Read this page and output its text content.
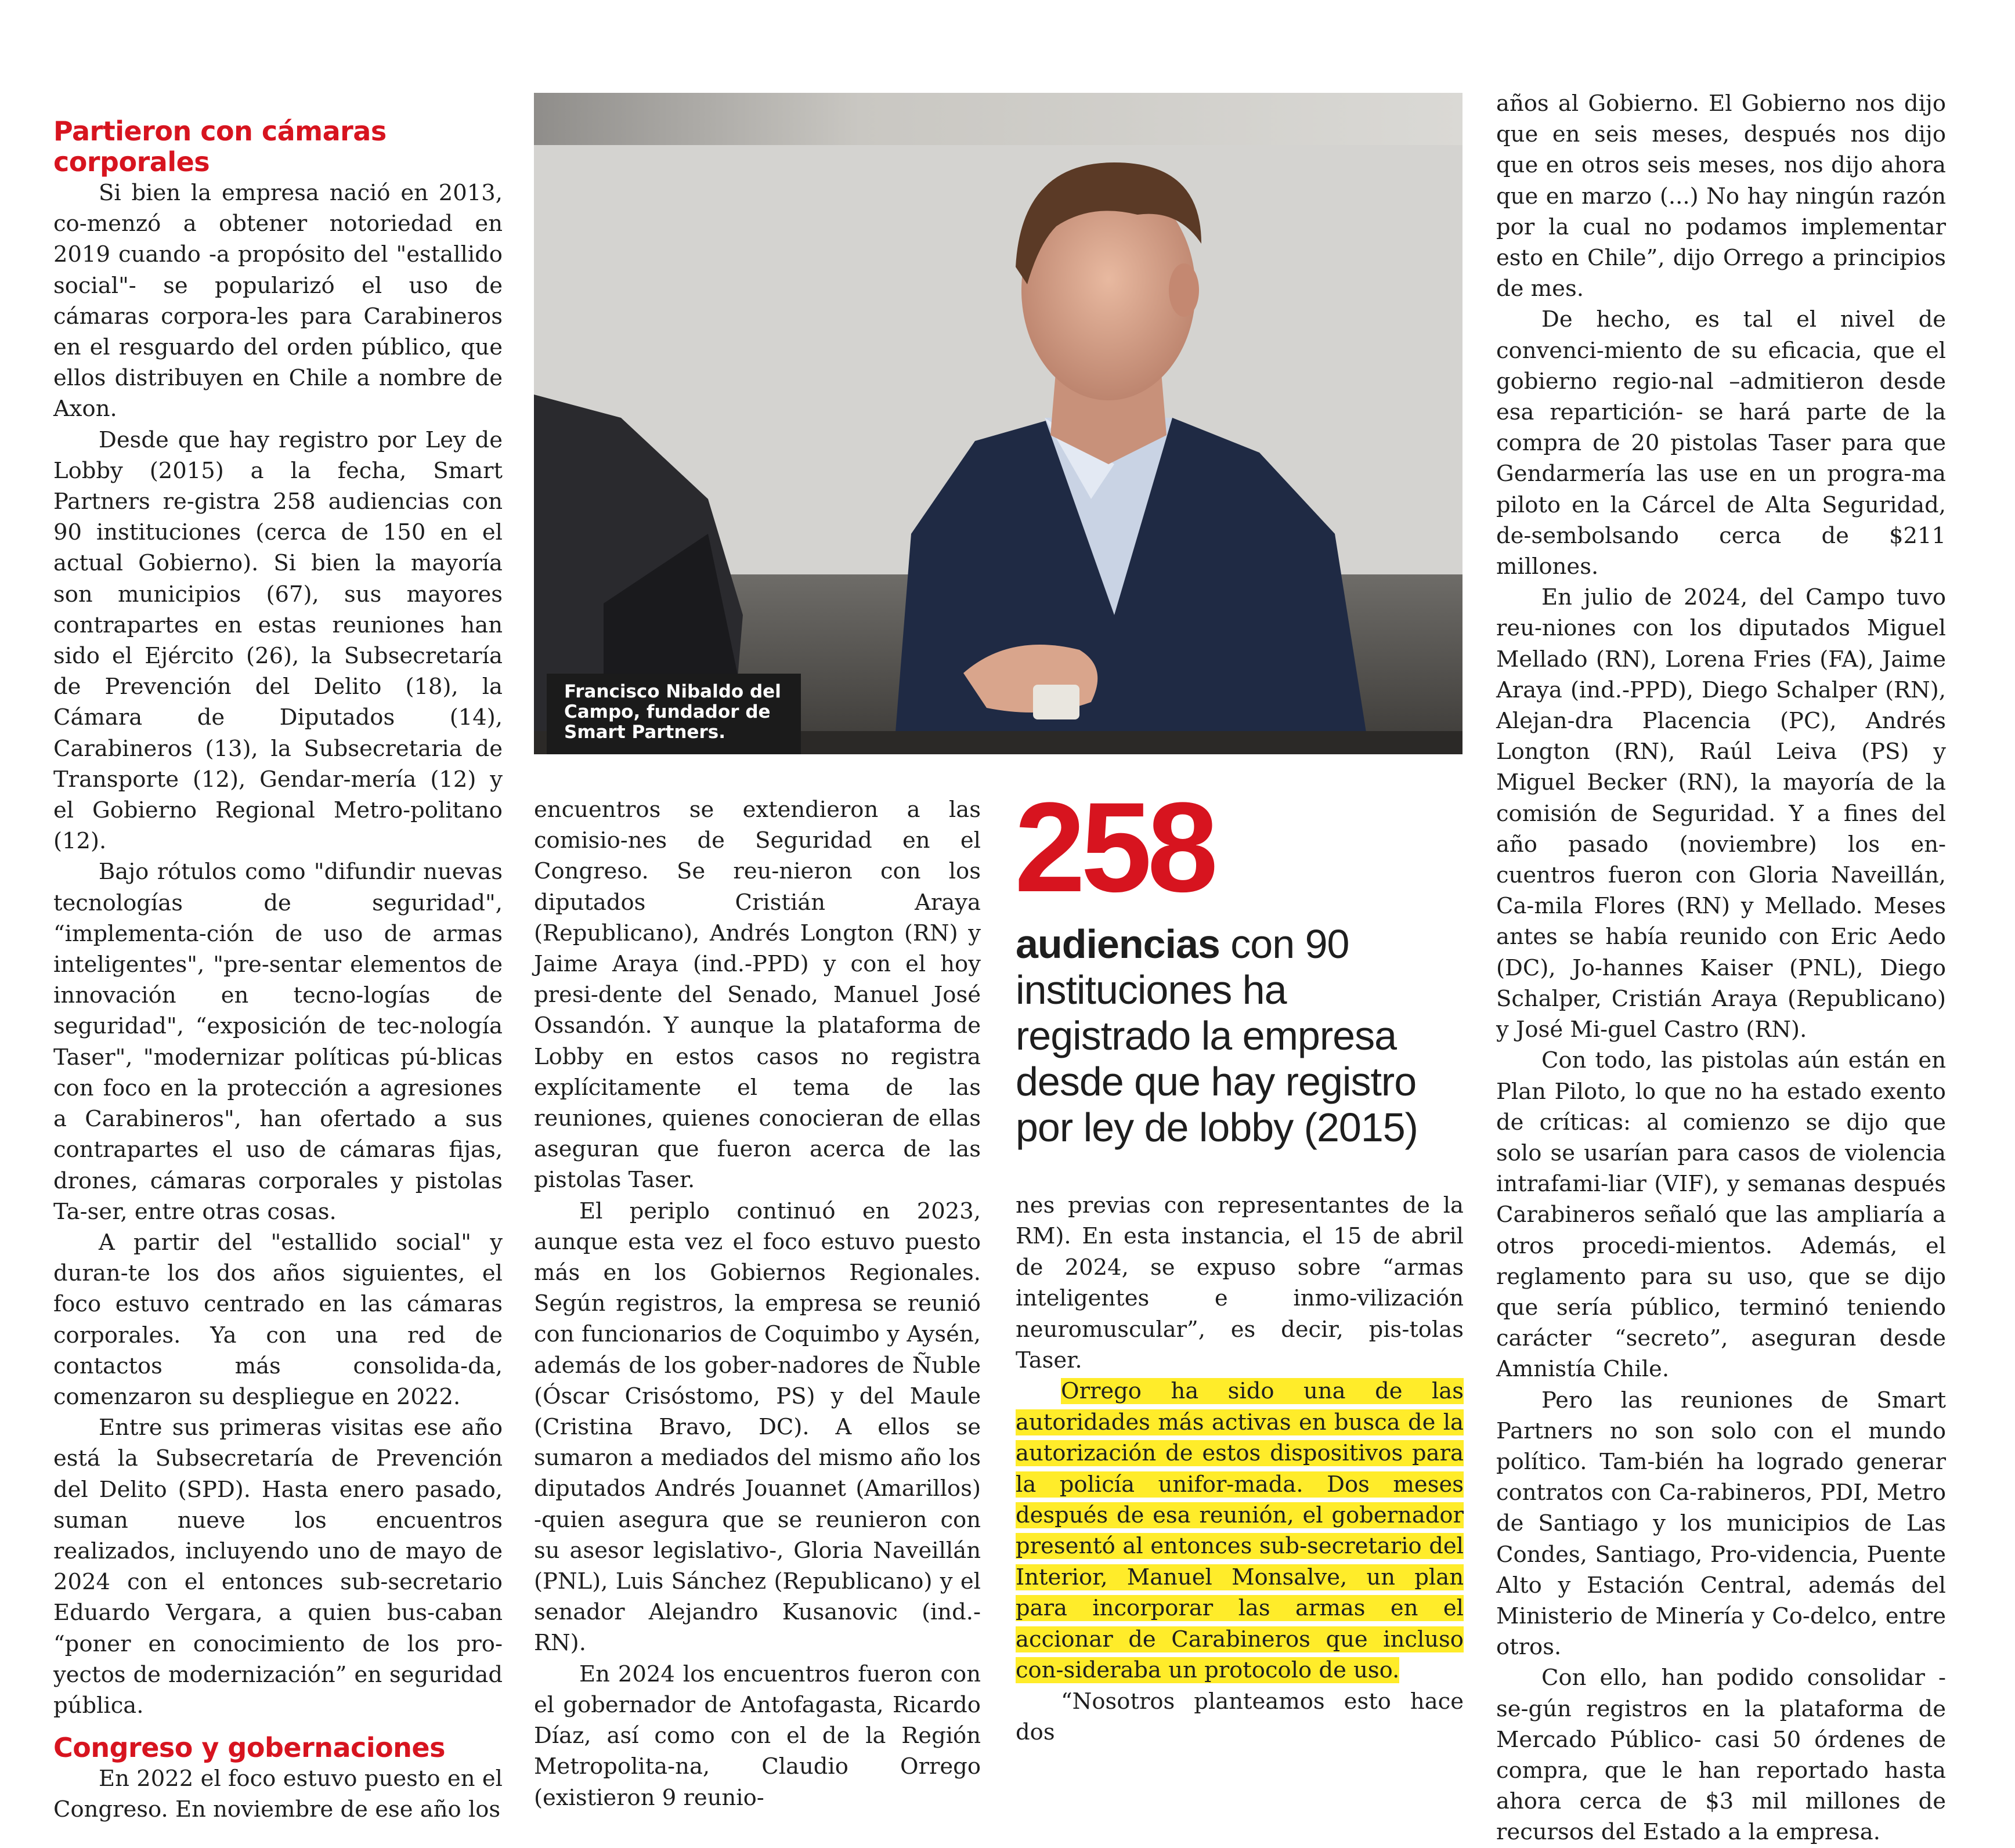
Partieron con cámaras corporales

Si bien la empresa nació en 2013, co-menzó a obtener notoriedad en 2019 cuando -a propósito del "estallido social"- se popularizó el uso de cámaras corpora-les para Carabineros en el resguardo del orden público, que ellos distribuyen en Chile a nombre de Axon.

Desde que hay registro por Ley de Lobby (2015) a la fecha, Smart Partners re-gistra 258 audiencias con 90 instituciones (cerca de 150 en el actual Gobierno). Si bien la mayoría son municipios (67), sus mayores contrapartes en estas reuniones han sido el Ejército (26), la Subsecretaría de Prevención del Delito (18), la Cámara de Diputados (14), Carabineros (13), la Subsecretaria de Transporte (12), Gendar-mería (12) y el Gobierno Regional Metro-politano (12).

Bajo rótulos como "difundir nuevas tecnologías de seguridad", “implementa-ción de uso de armas inteligentes", "pre-sentar elementos de innovación en tecno-logías de seguridad", “exposición de tec-nología Taser", "modernizar políticas pú-blicas con foco en la protección a agresiones a Carabineros", han ofertado a sus contrapartes el uso de cámaras fijas, drones, cámaras corporales y pistolas Ta-ser, entre otras cosas.

A partir del "estallido social" y duran-te los dos años siguientes, el foco estuvo centrado en las cámaras corporales. Ya con una red de contactos más consolida-da, comenzaron su despliegue en 2022.

Entre sus primeras visitas ese año está la Subsecretaría de Prevención del Delito (SPD). Hasta enero pasado, suman nueve los encuentros realizados, incluyendo uno de mayo de 2024 con el entonces sub-secretario Eduardo Vergara, a quien bus-caban “poner en conocimiento de los pro-yectos de modernización” en seguridad pública.

Congreso y gobernaciones

En 2022 el foco estuvo puesto en el Congreso. En noviembre de ese año los

Francisco Nibaldo del Campo, fundador de Smart Partners.

encuentros se extendieron a las comisio-nes de Seguridad en el Congreso. Se reu-nieron con los diputados Cristián Araya (Republicano), Andrés Longton (RN) y Jaime Araya (ind.-PPD) y con el hoy presi-dente del Senado, Manuel José Ossandón. Y aunque la plataforma de Lobby en estos casos no registra explícitamente el tema de las reuniones, quienes conocieran de ellas aseguran que fueron acerca de las pistolas Taser.

El periplo continuó en 2023, aunque esta vez el foco estuvo puesto más en los Gobiernos Regionales. Según registros, la empresa se reunió con funcionarios de Coquimbo y Aysén, además de los gober-nadores de Ñuble (Óscar Crisóstomo, PS) y del Maule (Cristina Bravo, DC). A ellos se sumaron a mediados del mismo año los diputados Andrés Jouannet (Amarillos) -quien asegura que se reunieron con su asesor legislativo-, Gloria Naveillán (PNL), Luis Sánchez (Republicano) y el senador Alejandro Kusanovic (ind.-RN).

En 2024 los encuentros fueron con el gobernador de Antofagasta, Ricardo Díaz, así como con el de la Región Metropolita-na, Claudio Orrego (existieron 9 reunio-

258
audiencias con 90 instituciones ha registrado la empresa desde que hay registro por ley de lobby (2015)

nes previas con representantes de la RM). En esta instancia, el 15 de abril de 2024, se expuso sobre “armas inteligentes e inmo-vilización neuromuscular”, es decir, pis-tolas Taser.

Orrego ha sido una de las autoridades más activas en busca de la autorización de estos dispositivos para la policía unifor-mada. Dos meses después de esa reunión, el gobernador presentó al entonces sub-secretario del Interior, Manuel Monsalve, un plan para incorporar las armas en el accionar de Carabineros que incluso con-sideraba un protocolo de uso.

“Nosotros planteamos esto hace dos

años al Gobierno. El Gobierno nos dijo que en seis meses, después nos dijo que en otros seis meses, nos dijo ahora que en marzo (...) No hay ningún razón por la cual no podamos implementar esto en Chile”, dijo Orrego a principios de mes.

De hecho, es tal el nivel de convenci-miento de su eficacia, que el gobierno regio-nal –admitieron desde esa repartición- se hará parte de la compra de 20 pistolas Taser para que Gendarmería las use en un progra-ma piloto en la Cárcel de Alta Seguridad, de-sembolsando cerca de $211 millones.

En julio de 2024, del Campo tuvo reu-niones con los diputados Miguel Mellado (RN), Lorena Fries (FA), Jaime Araya (ind.-PPD), Diego Schalper (RN), Alejan-dra Placencia (PC), Andrés Longton (RN), Raúl Leiva (PS) y Miguel Becker (RN), la mayoría de la comisión de Seguridad. Y a fines del año pasado (noviembre) los en-cuentros fueron con Gloria Naveillán, Ca-mila Flores (RN) y Mellado. Meses antes se había reunido con Eric Aedo (DC), Jo-hannes Kaiser (PNL), Diego Schalper, Cristián Araya (Republicano) y José Mi-guel Castro (RN).

Con todo, las pistolas aún están en Plan Piloto, lo que no ha estado exento de críticas: al comienzo se dijo que solo se usarían para casos de violencia intrafami-liar (VIF), y semanas después Carabineros señaló que las ampliaría a otros procedi-mientos. Además, el reglamento para su uso, que se dijo que sería público, terminó teniendo carácter “secreto”, aseguran desde Amnistía Chile.

Pero las reuniones de Smart Partners no son solo con el mundo político. Tam-bién ha logrado generar contratos con Ca-rabineros, PDI, Metro de Santiago y los municipios de Las Condes, Santiago, Pro-videncia, Puente Alto y Estación Central, además del Ministerio de Minería y Co-delco, entre otros.

Con ello, han podido consolidar -se-gún registros en la plataforma de Mercado Público- casi 50 órdenes de compra, que le han reportado hasta ahora cerca de $3 mil millones de recursos del Estado a la empresa.
